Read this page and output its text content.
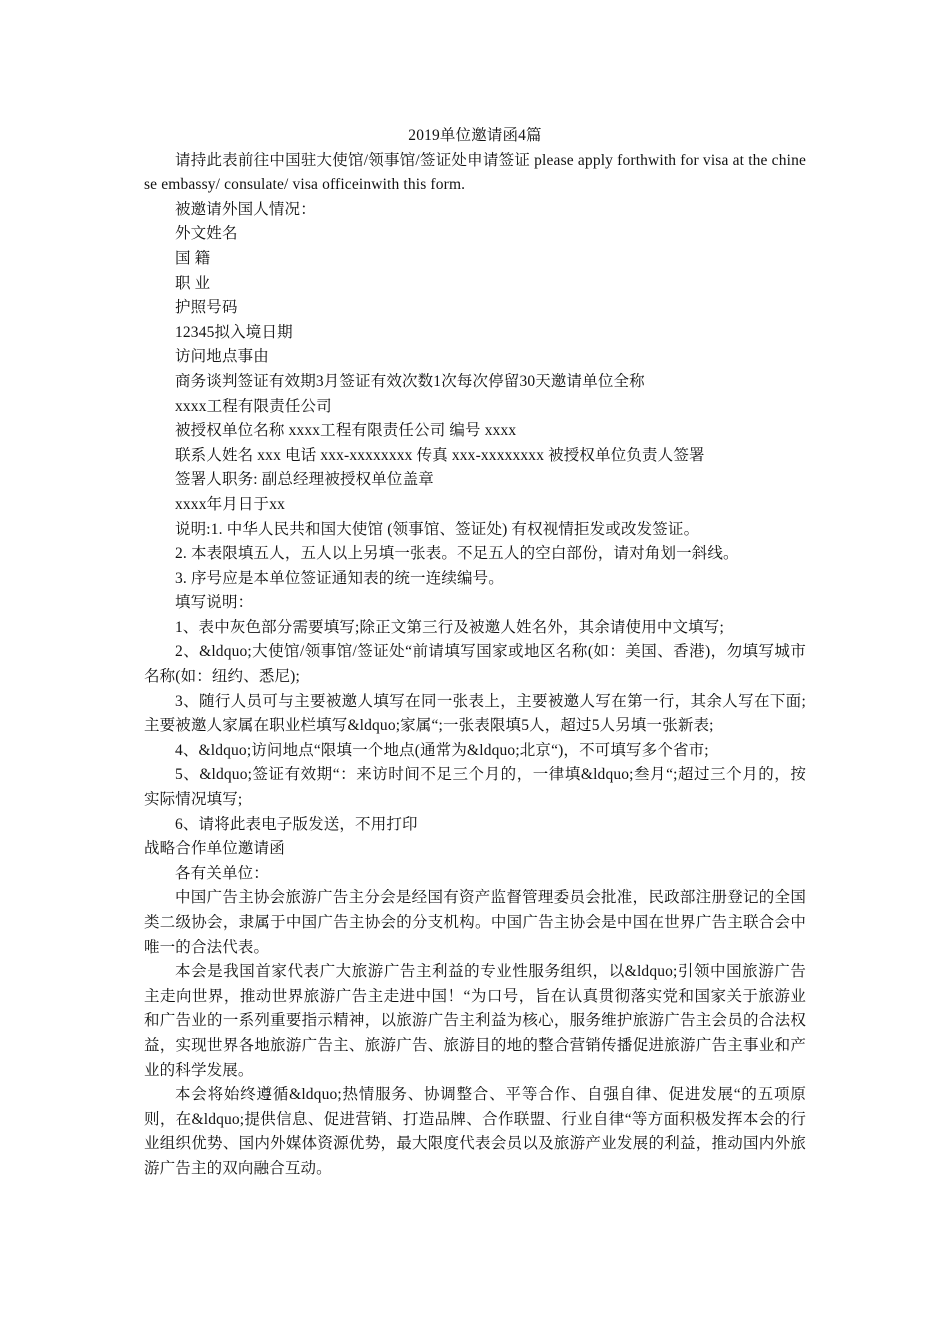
2019单位邀请函4篇

请持此表前往中国驻大使馆/领事馆/签证处申请签证 please apply forthwith for visa at the chinese embassy/ consulate/ visa officeinwith this form.

被邀请外国人情况：

外文姓名

国 籍

职 业

护照号码

12345拟入境日期

访问地点事由

商务谈判签证有效期3月签证有效次数1次每次停留30天邀请单位全称

xxxx工程有限责任公司

被授权单位名称 xxxx工程有限责任公司 编号 xxxx

联系人姓名 xxx 电话 xxx-xxxxxxxx 传真 xxx-xxxxxxxx 被授权单位负责人签署

签署人职务: 副总经理被授权单位盖章

xxxx年月日于xx

说明:1. 中华人民共和国大使馆 (领事馆、签证处) 有权视情拒发或改发签证。

2. 本表限填五人，五人以上另填一张表。不足五人的空白部份，请对角划一斜线。

3. 序号应是本单位签证通知表的统一连续编号。

填写说明：

1、表中灰色部分需要填写;除正文第三行及被邀人姓名外，其余请使用中文填写;

2、&ldquo;大使馆/领事馆/签证处“前请填写国家或地区名称(如：美国、香港)，勿填写城市名称(如：纽约、悉尼);

3、随行人员可与主要被邀人填写在同一张表上，主要被邀人写在第一行，其余人写在下面;主要被邀人家属在职业栏填写&ldquo;家属“;一张表限填5人，超过5人另填一张新表;

4、&ldquo;访问地点“限填一个地点(通常为&ldquo;北京“)，不可填写多个省市;

5、&ldquo;签证有效期“：来访时间不足三个月的，一律填&ldquo;叁月“;超过三个月的，按实际情况填写;

6、请将此表电子版发送，不用打印

战略合作单位邀请函

各有关单位：

中国广告主协会旅游广告主分会是经国有资产监督管理委员会批准，民政部注册登记的全国类二级协会，隶属于中国广告主协会的分支机构。中国广告主协会是中国在世界广告主联合会中唯一的合法代表。

本会是我国首家代表广大旅游广告主利益的专业性服务组织，以&ldquo;引领中国旅游广告主走向世界，推动世界旅游广告主走进中国！“为口号，旨在认真贯彻落实党和国家关于旅游业和广告业的一系列重要指示精神，以旅游广告主利益为核心，服务维护旅游广告主会员的合法权益，实现世界各地旅游广告主、旅游广告、旅游目的地的整合营销传播促进旅游广告主事业和产业的科学发展。

本会将始终遵循&ldquo;热情服务、协调整合、平等合作、自强自律、促进发展“的五项原则，在&ldquo;提供信息、促进营销、打造品牌、合作联盟、行业自律“等方面积极发挥本会的行业组织优势、国内外媒体资源优势，最大限度代表会员以及旅游产业发展的利益，推动国内外旅游广告主的双向融合互动。
